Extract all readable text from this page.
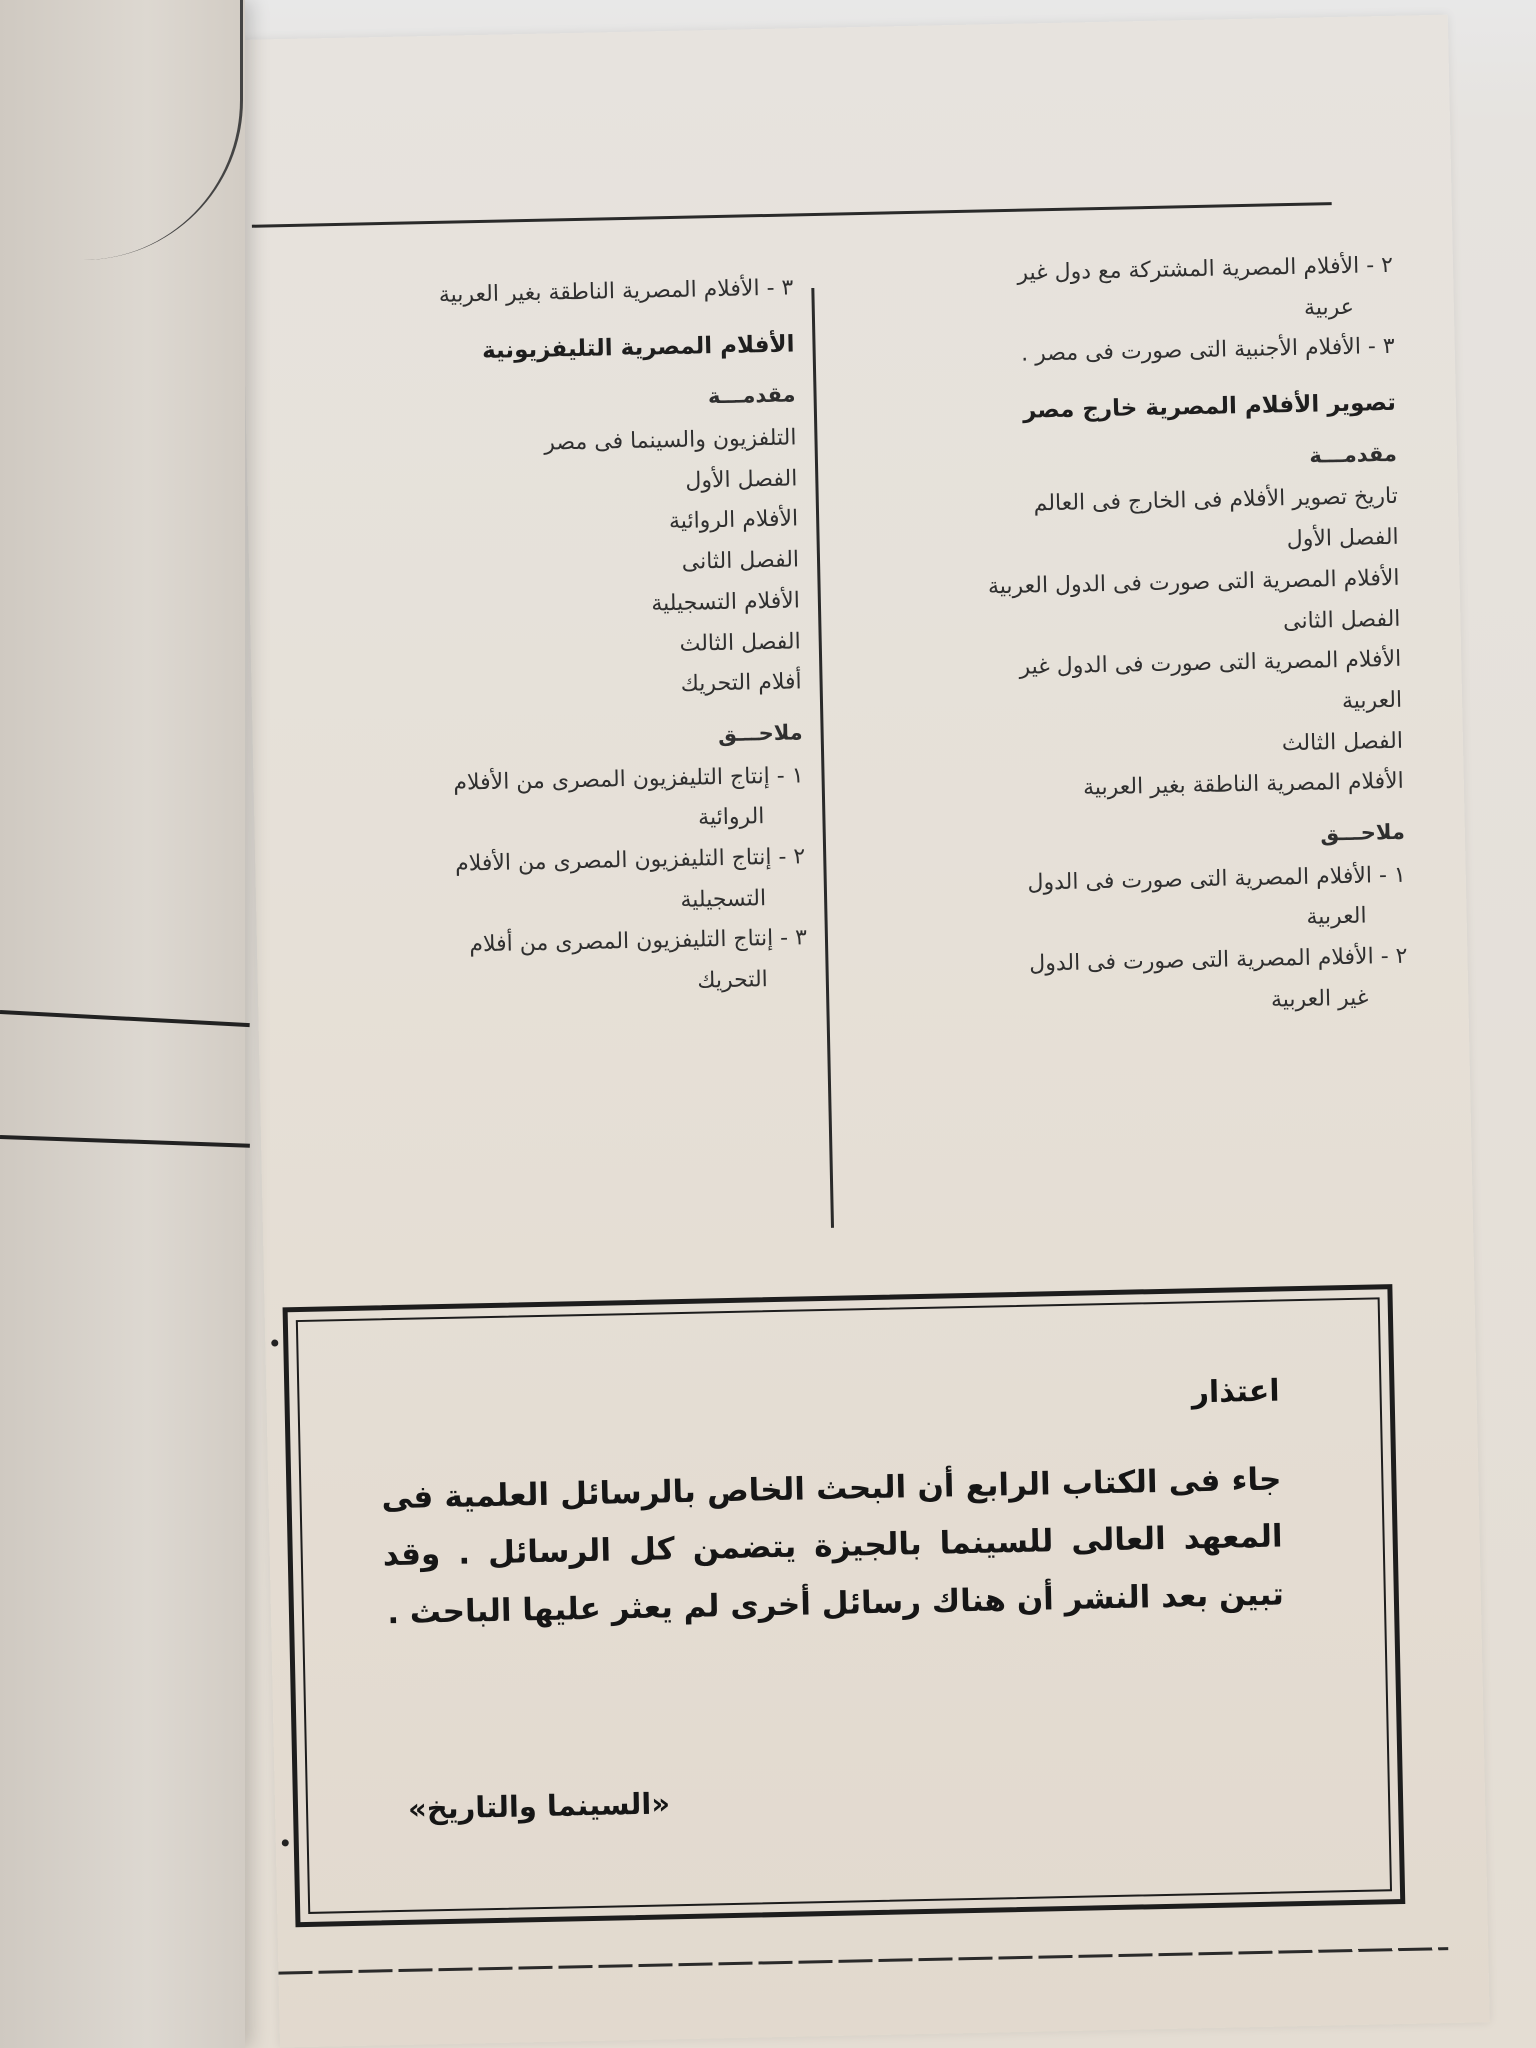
٢ - الأفلام المصرية المشتركة مع دول غير

عربية

٣ - الأفلام الأجنبية التى صورت فى مصر .

تصوير الأفلام المصرية خارج مصر

مقدمـــة

تاريخ تصوير الأفلام فى الخارج فى العالم

الفصل الأول

الأفلام المصرية التى صورت فى الدول العربية

الفصل الثانى

الأفلام المصرية التى صورت فى الدول غير

العربية

الفصل الثالث

الأفلام المصرية الناطقة بغير العربية

ملاحـــق

١ - الأفلام المصرية التى صورت فى الدول

العربية

٢ - الأفلام المصرية التى صورت فى الدول

غير العربية

٣ - الأفلام المصرية الناطقة بغير العربية

الأفلام المصرية التليفزيونية

مقدمـــة

التلفزيون والسينما فى مصر

الفصل الأول

الأفلام الروائية

الفصل الثانى

الأفلام التسجيلية

الفصل الثالث

أفلام التحريك

ملاحـــق

١ - إنتاج التليفزيون المصرى من الأفلام

الروائية

٢ - إنتاج التليفزيون المصرى من الأفلام

التسجيلية

٣ - إنتاج التليفزيون المصرى من أفلام

التحريك

اعتذار
جاء فى الكتاب الرابع أن البحث الخاص بالرسائل العلمية فى المعهد العالى للسينما بالجيزة يتضمن كل الرسائل . وقد تبين بعد النشر أن هناك رسائل أخرى لم يعثر عليها الباحث .
«السينما والتاريخ»
